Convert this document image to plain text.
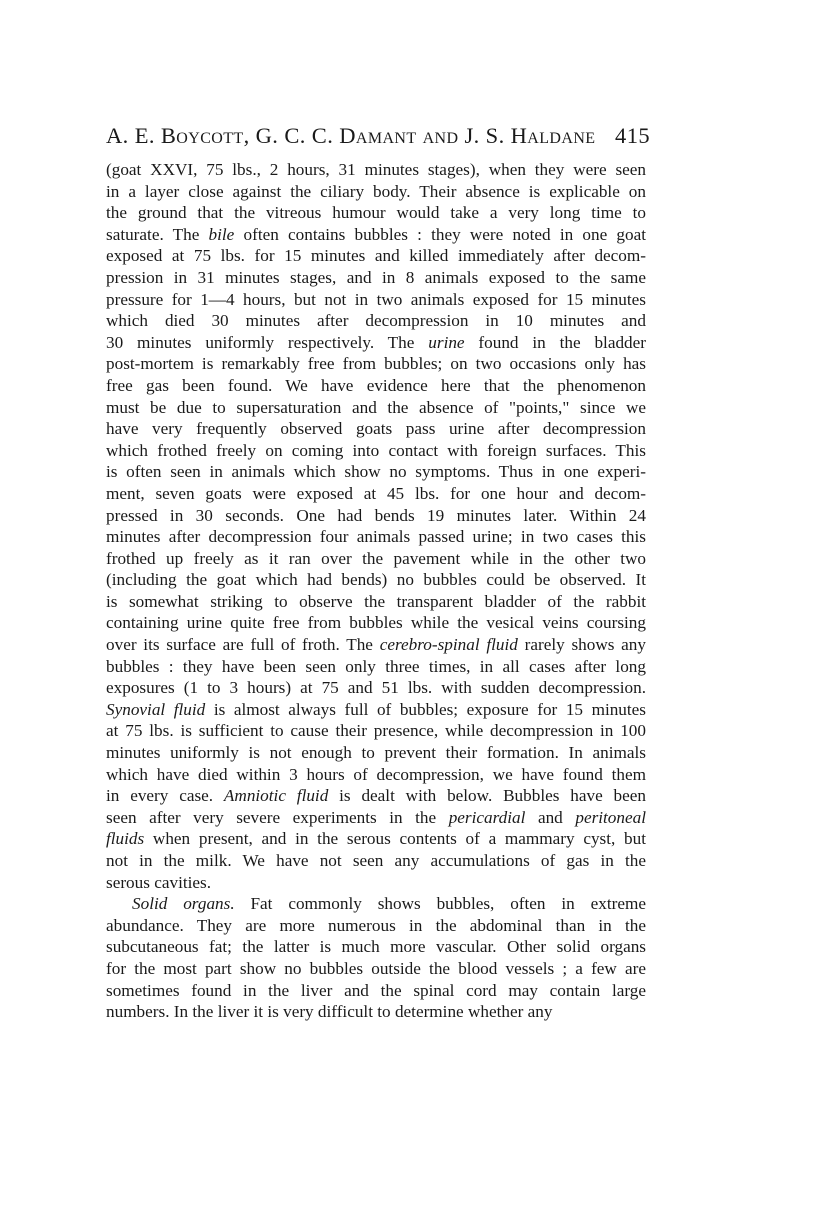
A. E. Boycott, G. C. C. Damant and J. S. Haldane 415
(goat XXVI, 75 lbs., 2 hours, 31 minutes stages), when they were seen
in a layer close against the ciliary body. Their absence is explicable on
the ground that the vitreous humour would take a very long time to
saturate. The bile often contains bubbles : they were noted in one goat
exposed at 75 lbs. for 15 minutes and killed immediately after decom-
pression in 31 minutes stages, and in 8 animals exposed to the same
pressure for 1—4 hours, but not in two animals exposed for 15 minutes
which died 30 minutes after decompression in 10 minutes and
30 minutes uniformly respectively. The urine found in the bladder
post-mortem is remarkably free from bubbles; on two occasions only has
free gas been found. We have evidence here that the phenomenon
must be due to supersaturation and the absence of "points," since we
have very frequently observed goats pass urine after decompression
which frothed freely on coming into contact with foreign surfaces. This
is often seen in animals which show no symptoms. Thus in one experi-
ment, seven goats were exposed at 45 lbs. for one hour and decom-
pressed in 30 seconds. One had bends 19 minutes later. Within 24
minutes after decompression four animals passed urine; in two cases this
frothed up freely as it ran over the pavement while in the other two
(including the goat which had bends) no bubbles could be observed. It
is somewhat striking to observe the transparent bladder of the rabbit
containing urine quite free from bubbles while the vesical veins coursing
over its surface are full of froth. The cerebro-spinal fluid rarely shows any
bubbles : they have been seen only three times, in all cases after long
exposures (1 to 3 hours) at 75 and 51 lbs. with sudden decompression.
Synovial fluid is almost always full of bubbles; exposure for 15 minutes
at 75 lbs. is sufficient to cause their presence, while decompression in 100
minutes uniformly is not enough to prevent their formation. In animals
which have died within 3 hours of decompression, we have found them
in every case. Amniotic fluid is dealt with below. Bubbles have been
seen after very severe experiments in the pericardial and peritoneal
fluids when present, and in the serous contents of a mammary cyst, but
not in the milk. We have not seen any accumulations of gas in the
serous cavities.
Solid organs. Fat commonly shows bubbles, often in extreme
abundance. They are more numerous in the abdominal than in the
subcutaneous fat; the latter is much more vascular. Other solid organs
for the most part show no bubbles outside the blood vessels ; a few are
sometimes found in the liver and the spinal cord may contain large
numbers. In the liver it is very difficult to determine whether any
